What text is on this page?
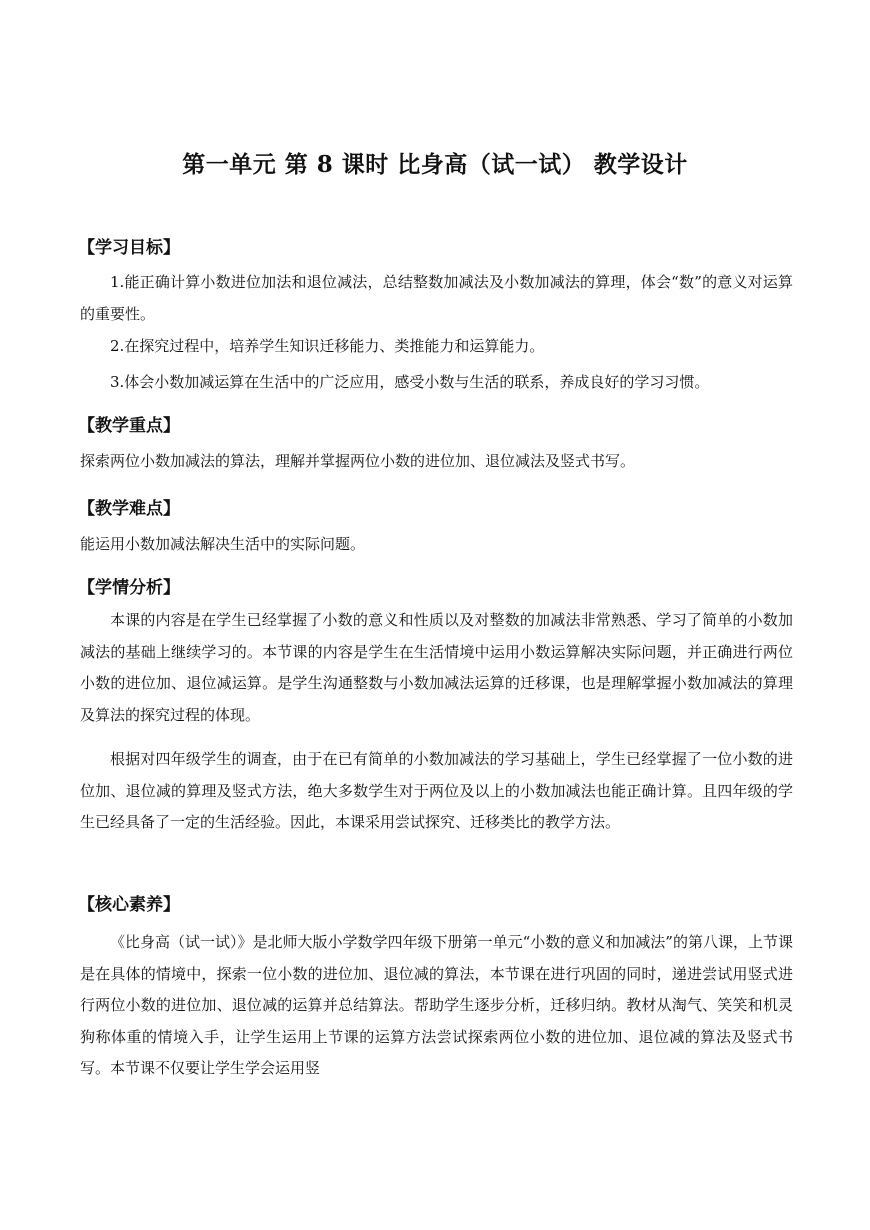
第一单元 第 8 课时 比身高（试一试） 教学设计
【学习目标】
1.能正确计算小数进位加法和退位减法，总结整数加减法及小数加减法的算理，体会“数”的意义对运算的重要性。
2.在探究过程中，培养学生知识迁移能力、类推能力和运算能力。
3.体会小数加减运算在生活中的广泛应用，感受小数与生活的联系，养成良好的学习习惯。
【教学重点】
探索两位小数加减法的算法，理解并掌握两位小数的进位加、退位减法及竖式书写。
【教学难点】
能运用小数加减法解决生活中的实际问题。
【学情分析】
本课的内容是在学生已经掌握了小数的意义和性质以及对整数的加减法非常熟悉、学习了简单的小数加减法的基础上继续学习的。本节课的内容是学生在生活情境中运用小数运算解决实际问题，并正确进行两位小数的进位加、退位减运算。是学生沟通整数与小数加减法运算的迁移课，也是理解掌握小数加减法的算理及算法的探究过程的体现。
根据对四年级学生的调查，由于在已有简单的小数加减法的学习基础上，学生已经掌握了一位小数的进位加、退位减的算理及竖式方法，绝大多数学生对于两位及以上的小数加减法也能正确计算。且四年级的学生已经具备了一定的生活经验。因此，本课采用尝试探究、迁移类比的教学方法。
【核心素养】
《比身高（试一试）》是北师大版小学数学四年级下册第一单元“小数的意义和加减法”的第八课，上节课是在具体的情境中，探索一位小数的进位加、退位减的算法，本节课在进行巩固的同时，递进尝试用竖式进行两位小数的进位加、退位减的运算并总结算法。帮助学生逐步分析，迁移归纳。教材从淘气、笑笑和机灵狗称体重的情境入手，让学生运用上节课的运算方法尝试探索两位小数的进位加、退位减的算法及竖式书写。本节课不仅要让学生学会运用竖
